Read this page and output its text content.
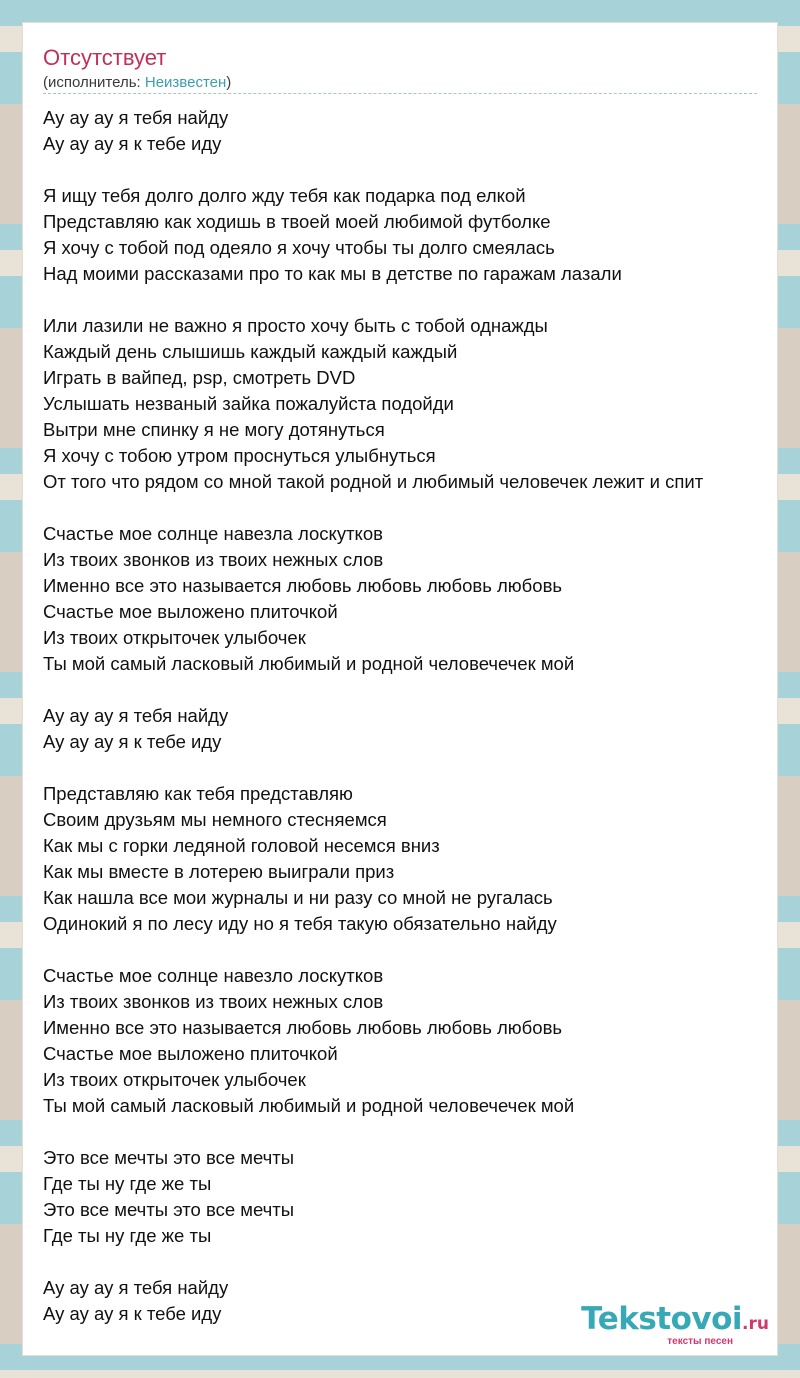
Отсутствует
(исполнитель: Неизвестен)
Ау ау ау я тебя найду
Ау ау ау я к тебе иду
Я ищу тебя долго долго жду тебя как подарка под елкой
Представляю как ходишь в твоей моей любимой футболке
Я хочу с тобой под одеяло я хочу чтобы ты долго смеялась
Над моими рассказами про то как мы в детстве по гаражам лазали
Или лазили не важно я просто хочу быть с тобой однажды
Каждый день слышишь каждый каждый каждый
Играть в вайпед, psp, смотреть DVD
Услышать незваный зайка пожалуйста подойди
Вытри мне спинку я не могу дотянуться
Я хочу с тобою утром проснуться улыбнуться
От того что рядом со мной такой родной и любимый человечек лежит и спит
Счастье мое солнце навезла лоскутков
Из твоих звонков из твоих нежных слов
Именно все это называется любовь любовь любовь любовь
Счастье мое выложено плиточкой
Из твоих открыточек улыбочек
Ты мой самый ласковый любимый и родной человечечек мой
Ау ау ау я тебя найду
Ау ау ау я к тебе иду
Представляю как тебя представляю
Своим друзьям мы немного стесняемся
Как мы с горки ледяной головой несемся вниз
Как мы вместе в лотерею выиграли приз
Как нашла все мои журналы и ни разу со мной не ругалась
Одинокий я по лесу иду но я тебя такую обязательно найду
Счастье мое солнце навезло лоскутков
Из твоих звонков из твоих нежных слов
Именно все это называется любовь любовь любовь любовь
Счастье мое выложено плиточкой
Из твоих открыточек улыбочек
Ты мой самый ласковый любимый и родной человечечек мой
Это все мечты это все мечты
Где ты ну где же ты
Это все мечты это все мечты
Где ты ну где же ты
Ау ау ау я тебя найду
Ау ау ау я к тебе иду	Tekstovoi.ru
тексты песен
